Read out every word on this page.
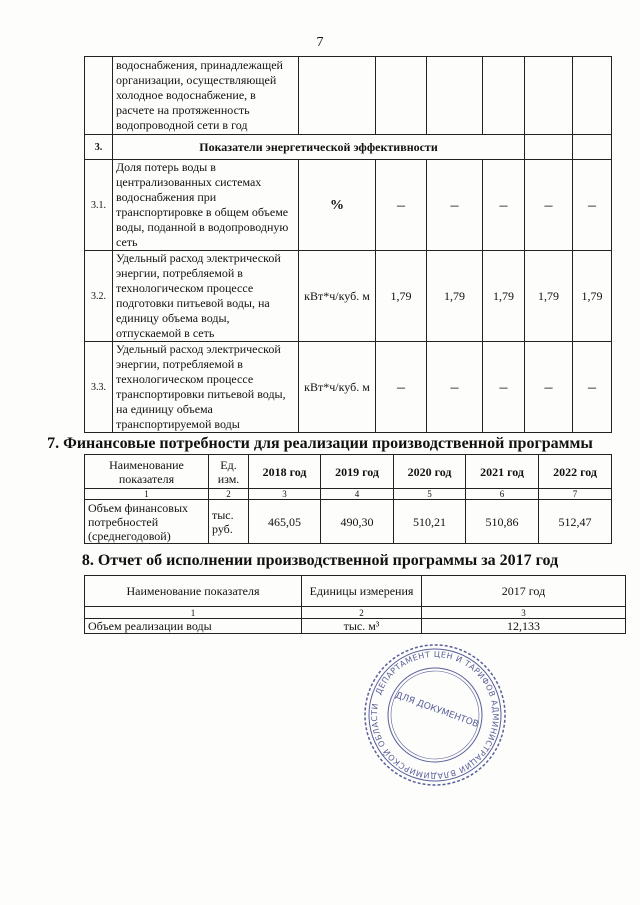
7
	водоснабжения, принадлежащей организации, осуществляющей холодное водоснабжение, в расчете на протяженность водопроводной сети в год						
3.	Показатели энергетической эффективности						
3.1.	Доля потерь воды в централизованных системах водоснабжения при транспортировке в общем объеме воды, поданной в водопроводную сеть	%	–	–	–	–	–
3.2.	Удельный расход электрической энергии, потребляемой в технологическом процессе подготовки питьевой воды, на единицу объема воды, отпускаемой в сеть	кВт*ч/куб. м	1,79	1,79	1,79	1,79	1,79
3.3.	Удельный расход электрической энергии, потребляемой в технологическом процессе транспортировки питьевой воды, на единицу объема транспортируемой воды	кВт*ч/куб. м	–	–	–	–	–
7. Финансовые потребности для реализации производственной программы
Наименование показателя	Ед. изм.	2018 год	2019 год	2020 год	2021 год	2022 год
1	2	3	4	5	6	7
Объем финансовых потребностей (среднегодовой)	тыс. руб.	465,05	490,30	510,21	510,86	512,47
8. Отчет об исполнении производственной программы за 2017 год
Наименование показателя	Единицы измерения	2017 год
1	2	3
Объем реализации воды	тыс. м³	12,133
ДЕПАРТАМЕНТ ЦЕН И ТАРИФОВ АДМИНИСТРАЦИИ ВЛАДИМИРСКОЙ ОБЛАСТИ	ДЛЯ ДОКУМЕНТОВ
